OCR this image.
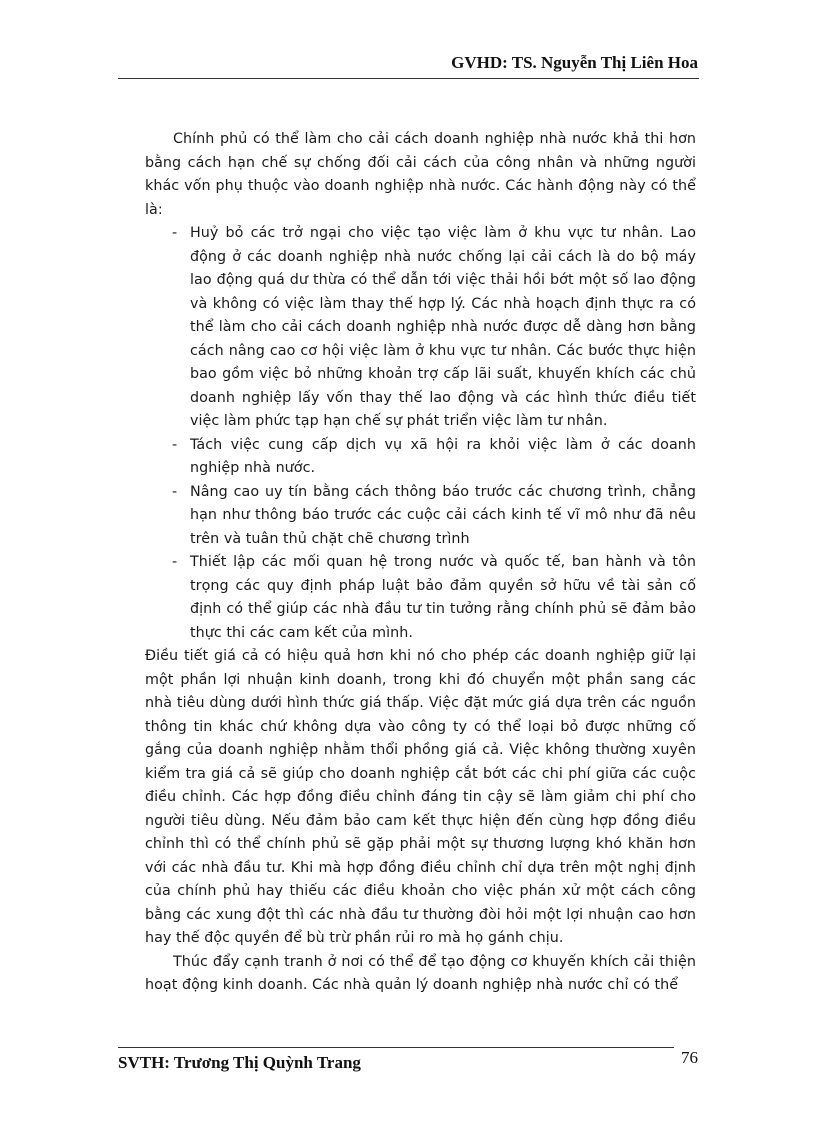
GVHD: TS. Nguyễn Thị Liên Hoa

Chính phủ có thể làm cho cải cách doanh nghiệp nhà nước khả thi hơn bằng cách hạn chế sự chống đối cải cách của công nhân và những người khác vốn phụ thuộc vào doanh nghiệp nhà nước. Các hành động này có thể là:

- Huỷ bỏ các trở ngại cho việc tạo việc làm ở khu vực tư nhân. Lao động ở các doanh nghiệp nhà nước chống lại cải cách là do bộ máy lao động quá dư thừa có thể dẫn tới việc thải hồi bớt một số lao động và không có việc làm thay thế hợp lý. Các nhà hoạch định thực ra có thể làm cho cải cách doanh nghiệp nhà nước được dễ dàng hơn bằng cách nâng cao cơ hội việc làm ở khu vực tư nhân. Các bước thực hiện bao gồm việc bỏ những khoản trợ cấp lãi suất, khuyến khích các chủ doanh nghiệp lấy vốn thay thế lao động và các hình thức điều tiết việc làm phức tạp hạn chế sự phát triển việc làm tư nhân.
- Tách việc cung cấp dịch vụ xã hội ra khỏi việc làm ở các doanh nghiệp nhà nước.
- Nâng cao uy tín bằng cách thông báo trước các chương trình, chẳng hạn như thông báo trước các cuộc cải cách kinh tế vĩ mô như đã nêu trên và tuân thủ chặt chẽ chương trình
- Thiết lập các mối quan hệ trong nước và quốc tế, ban hành và tôn trọng các quy định pháp luật bảo đảm quyền sở hữu về tài sản cố định có thể giúp các nhà đầu tư tin tưởng rằng chính phủ sẽ đảm bảo thực thi các cam kết của mình.

Điều tiết giá cả có hiệu quả hơn khi nó cho phép các doanh nghiệp giữ lại một phần lợi nhuận kinh doanh, trong khi đó chuyển một phần sang các nhà tiêu dùng dưới hình thức giá thấp. Việc đặt mức giá dựa trên các nguồn thông tin khác chứ không dựa vào công ty có thể loại bỏ được những cố gắng của doanh nghiệp nhằm thổi phồng giá cả. Việc không thường xuyên kiểm tra giá cả sẽ giúp cho doanh nghiệp cắt bớt các chi phí giữa các cuộc điều chỉnh. Các hợp đồng điều chỉnh đáng tin cậy sẽ làm giảm chi phí cho người tiêu dùng. Nếu đảm bảo cam kết thực hiện đến cùng hợp đồng điều chỉnh thì có thể chính phủ sẽ gặp phải một sự thương lượng khó khăn hơn với các nhà đầu tư. Khi mà hợp đồng điều chỉnh chỉ dựa trên một nghị định của chính phủ hay thiếu các điều khoản cho việc phán xử một cách công bằng các xung đột thì các nhà đầu tư thường đòi hỏi một lợi nhuận cao hơn hay thế độc quyền để bù trừ phần rủi ro mà họ gánh chịu.

Thúc đẩy cạnh tranh ở nơi có thể để tạo động cơ khuyến khích cải thiện hoạt động kinh doanh. Các nhà quản lý doanh nghiệp nhà nước chỉ có thể

SVTH: Trương Thị Quỳnh Trang	76
